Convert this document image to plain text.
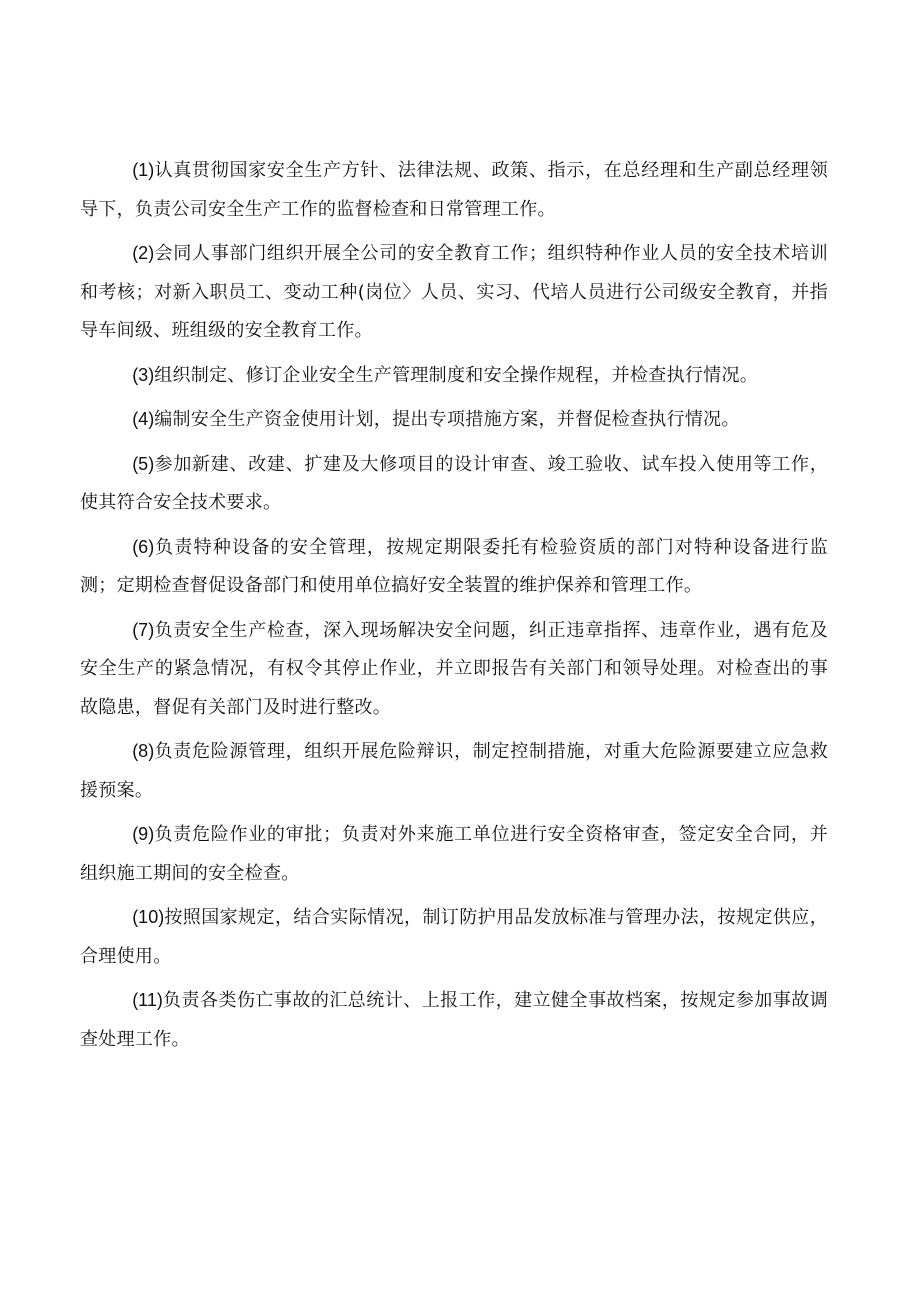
(1)认真贯彻国家安全生产方针、法律法规、政策、指示，在总经理和生产副总经理领导下，负责公司安全生产工作的监督检查和日常管理工作。

(2)会同人事部门组织开展全公司的安全教育工作；组织特种作业人员的安全技术培训和考核；对新入职员工、变动工种(岗位〉人员、实习、代培人员进行公司级安全教育，并指导车间级、班组级的安全教育工作。

(3)组织制定、修订企业安全生产管理制度和安全操作规程，并检查执行情况。

(4)编制安全生产资金使用计划，提出专项措施方案，并督促检查执行情况。

(5)参加新建、改建、扩建及大修项目的设计审查、竣工验收、试车投入使用等工作，使其符合安全技术要求。

(6)负责特种设备的安全管理，按规定期限委托有检验资质的部门对特种设备进行监测；定期检查督促设备部门和使用单位搞好安全装置的维护保养和管理工作。

(7)负责安全生产检查，深入现场解决安全问题，纠正违章指挥、违章作业，遇有危及安全生产的紧急情况，有权令其停止作业，并立即报告有关部门和领导处理。对检查出的事故隐患，督促有关部门及时进行整改。

(8)负责危险源管理，组织开展危险辩识，制定控制措施，对重大危险源要建立应急救援预案。

(9)负责危险作业的审批；负责对外来施工单位进行安全资格审查，签定安全合同，并组织施工期间的安全检查。

(10)按照国家规定，结合实际情况，制订防护用品发放标准与管理办法，按规定供应，合理使用。

(11)负责各类伤亡事故的汇总统计、上报工作，建立健全事故档案，按规定参加事故调查处理工作。
